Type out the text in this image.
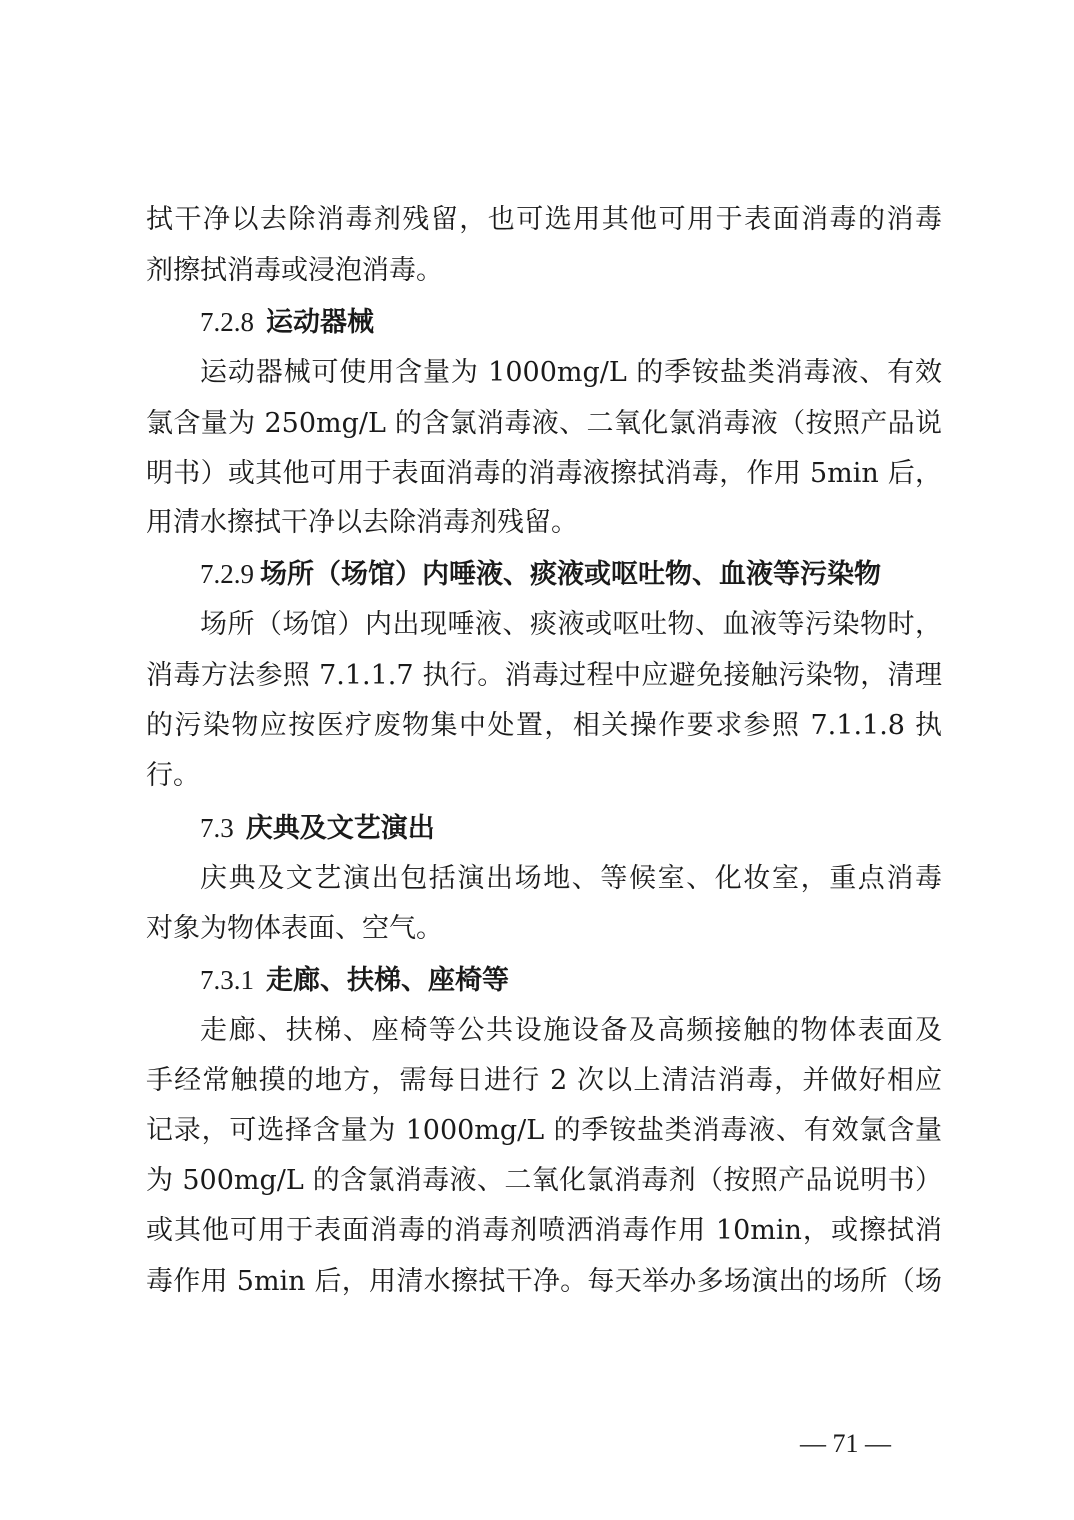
拭干净以去除消毒剂残留，也可选用其他可用于表面消毒的消毒
剂擦拭消毒或浸泡消毒。
7.2.8 运动器械
运动器械可使用含量为 1000mg/L 的季铵盐类消毒液、有效
氯含量为 250mg/L 的含氯消毒液、二氧化氯消毒液（按照产品说
明书）或其他可用于表面消毒的消毒液擦拭消毒，作用 5min 后，
用清水擦拭干净以去除消毒剂残留。
7.2.9 场所（场馆）内唾液、痰液或呕吐物、血液等污染物
场所（场馆）内出现唾液、痰液或呕吐物、血液等污染物时，
消毒方法参照 7.1.1.7 执行。消毒过程中应避免接触污染物，清理
的污染物应按医疗废物集中处置，相关操作要求参照 7.1.1.8 执
行。
7.3 庆典及文艺演出
庆典及文艺演出包括演出场地、等候室、化妆室，重点消毒
对象为物体表面、空气。
7.3.1 走廊、扶梯、座椅等
走廊、扶梯、座椅等公共设施设备及高频接触的物体表面及
手经常触摸的地方，需每日进行 2 次以上清洁消毒，并做好相应
记录，可选择含量为 1000mg/L 的季铵盐类消毒液、有效氯含量
为 500mg/L 的含氯消毒液、二氧化氯消毒剂（按照产品说明书）
或其他可用于表面消毒的消毒剂喷洒消毒作用 10min，或擦拭消
毒作用 5min 后，用清水擦拭干净。每天举办多场演出的场所（场
— 71 —
